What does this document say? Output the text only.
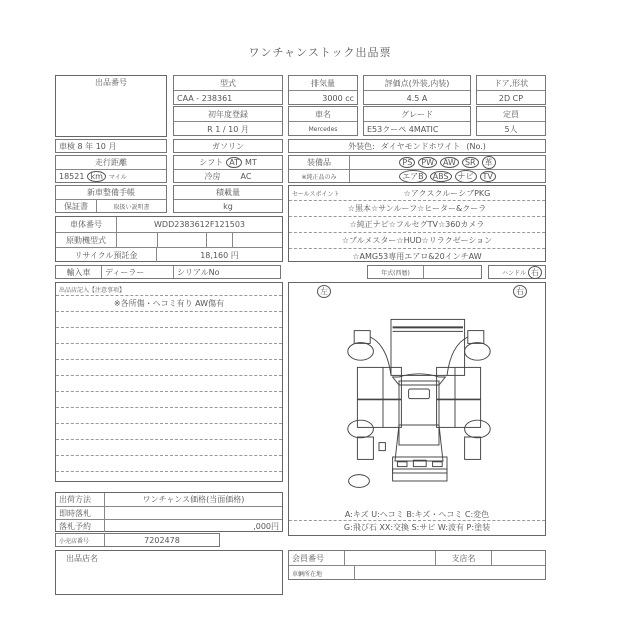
ワンチャンストック出品票
出品番号	型式
CAA - 238361
排気量
3000 cc
評価点(外装,内装)
4.5 A
ドア,形状
2D CP
初年度登録
R 1 / 10 月
車名
Mercedes
グレード
E53クーペ 4MATIC
定員
5人
車検 8 年 10 月	ガソリン	外装色: ダイヤモンドホワイト (No.)
走行距離
18521 km	マイル
シフト AT MT
冷房	AC
装備品
※純正品のみ
PS	PW	AW	SR	革
エアB	ABS	ナビ	TV
新車整備手帳
保証書	取扱い説明書
積載量
kg
セールスポイント	☆アクスクルーシブPKG
☆黒本☆サンルーフ☆ヒーター&クーラ
☆純正ナビ☆フルセグTV☆360カメラ
☆ブルメスター☆HUD☆リラクゼーション
☆AMG53専用エアロ&20インチAW
車体番号	WDD2383612F121503
原動機型式
リサイクル預託金	18,160 円
輸入車	ディーラー	シリアルNo	年式(西暦)	ハンドル 右
出品店記入【注意事項】
※各所傷・ヘコミ有り AW傷有
左	右
A:キズ U:ヘコミ B:キズ・ヘコミ C:変色
G:飛び石 XX:交換 S:サビ W:波有 P:塗装
出荷方法	ワンチャンス価格(当面価格)
即時落札
落札予約	,000円
小売店番号	7202478
出品店名	会員番号	支店名
車輌所在地
